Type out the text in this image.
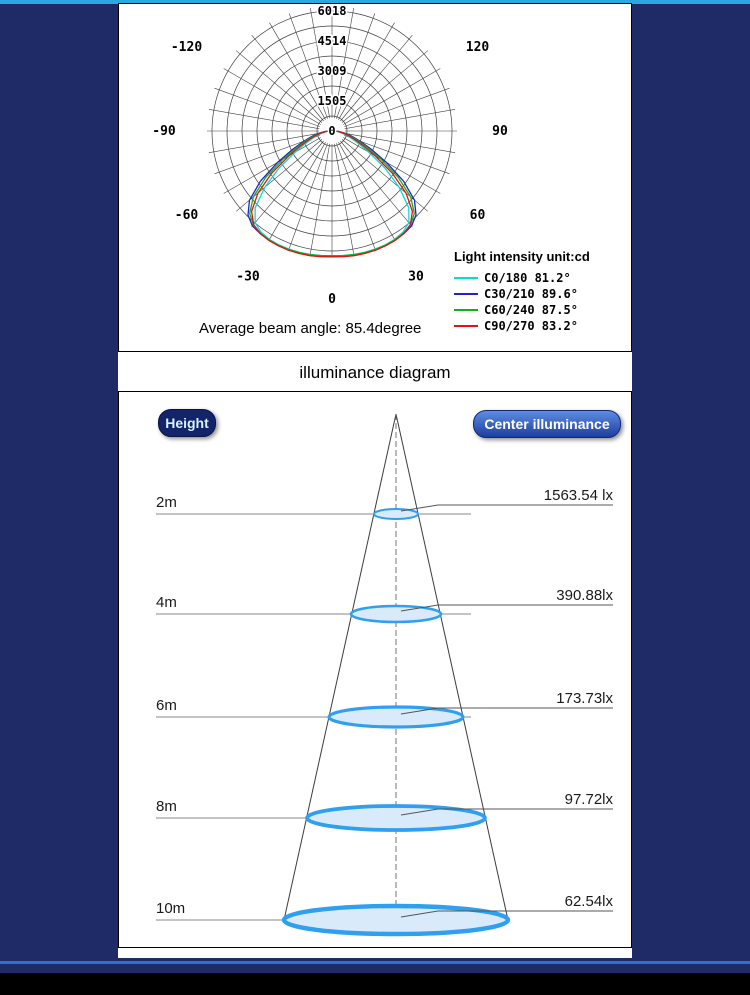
0
1505
3009
4514
6018
-120
-90
-60
-30
0
30
60
90
120
Light intensity unit:cd
C0/180 81.2°
C30/210 89.6°
C60/240 87.5°
C90/270 83.2°
Average beam angle: 85.4degree
illuminance diagram
1563.54 lx
2m
390.88lx
4m
173.73lx
6m
97.72lx
8m
62.54lx
10m
Height	Center illuminance
